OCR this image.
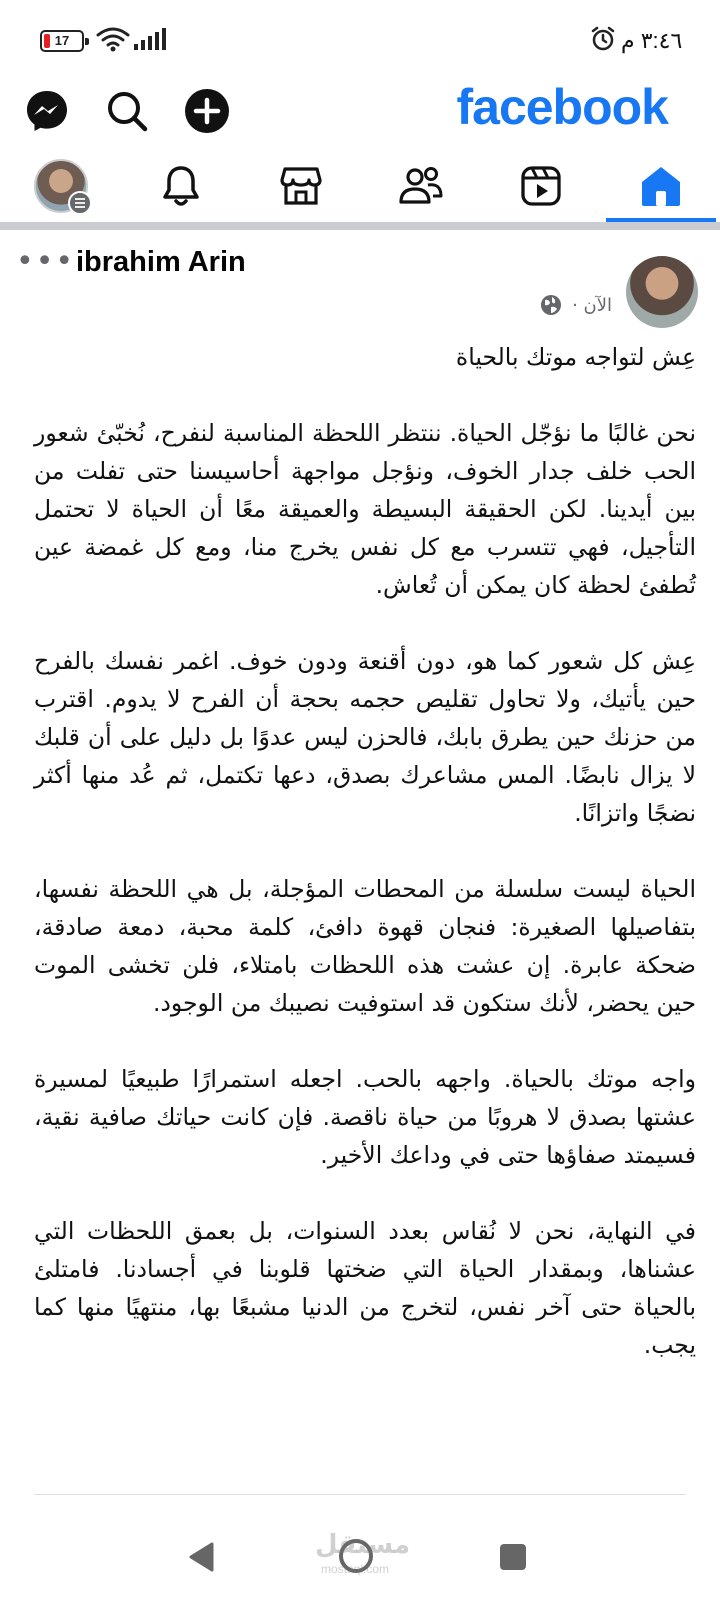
17	٣:٤٦ م
facebook
••• ibrahim Arin
الآن ·

عِش لتواجه موتك بالحياة

نحن غالبًا ما نؤجّل الحياة. ننتظر اللحظة المناسبة لنفرح، نُخبّئ شعور الحب خلف جدار الخوف، ونؤجل مواجهة أحاسيسنا حتى تفلت من بين أيدينا. لكن الحقيقة البسيطة والعميقة معًا أن الحياة لا تحتمل التأجيل، فهي تتسرب مع كل نفس يخرج منا، ومع كل غمضة عين تُطفئ لحظة كان يمكن أن تُعاش.

عِش كل شعور كما هو، دون أقنعة ودون خوف. اغمر نفسك بالفرح حين يأتيك، ولا تحاول تقليص حجمه بحجة أن الفرح لا يدوم. اقترب من حزنك حين يطرق بابك، فالحزن ليس عدوًا بل دليل على أن قلبك لا يزال نابضًا. المس مشاعرك بصدق، دعها تكتمل، ثم عُد منها أكثر نضجًا واتزانًا.

الحياة ليست سلسلة من المحطات المؤجلة، بل هي اللحظة نفسها، بتفاصيلها الصغيرة: فنجان قهوة دافئ، كلمة محبة، دمعة صادقة، ضحكة عابرة. إن عشت هذه اللحظات بامتلاء، فلن تخشى الموت حين يحضر، لأنك ستكون قد استوفيت نصيبك من الوجود.

واجه موتك بالحياة. واجهه بالحب. اجعله استمرارًا طبيعيًا لمسيرة عشتها بصدق لا هروبًا من حياة ناقصة. فإن كانت حياتك صافية نقية، فسيمتد صفاؤها حتى في وداعك الأخير.

في النهاية، نحن لا نُقاس بعدد السنوات، بل بعمق اللحظات التي عشناها، وبمقدار الحياة التي ضختها قلوبنا في أجسادنا. فامتلئ بالحياة حتى آخر نفس، لتخرج من الدنيا مشبعًا بها، منتهيًا منها كما يجب.

مستقل
mostaql.com
